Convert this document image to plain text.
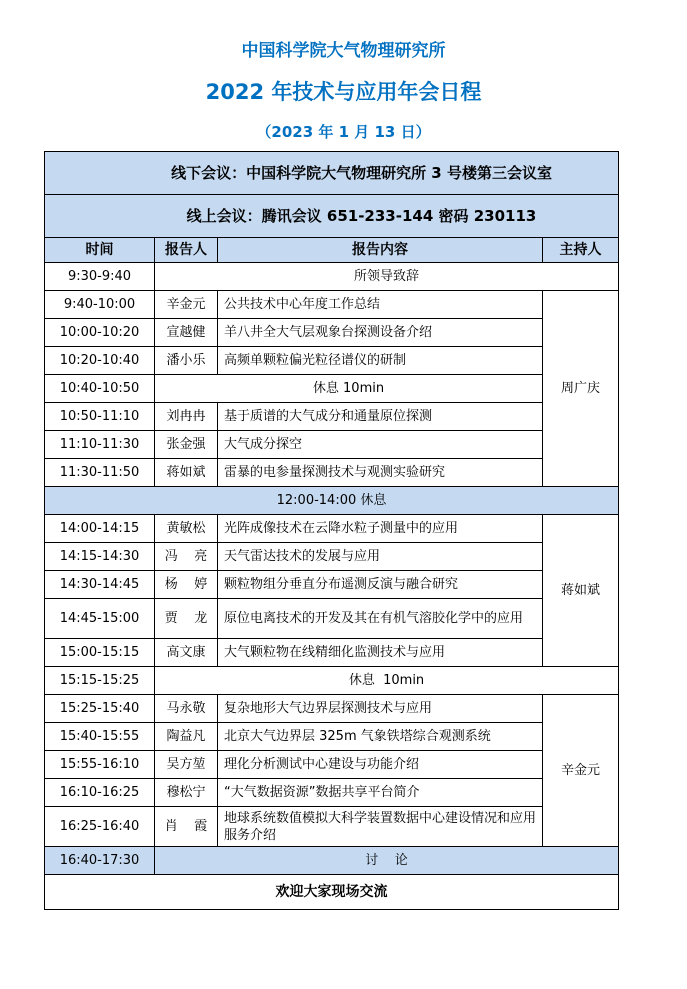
中国科学院大气物理研究所
2022 年技术与应用年会日程
（2023 年 1 月 13 日）
线下会议：中国科学院大气物理研究所 3 号楼第三会议室			
线上会议：腾讯会议 651-233-144 密码 230113			
时间	报告人	报告内容	主持人
9:30-9:40	所领导致辞		
9:40-10:00	辛金元	公共技术中心年度工作总结	周广庆
10:00-10:20	宣越健	羊八井全大气层观象台探测设备介绍	
10:20-10:40	潘小乐	高频单颗粒偏光粒径谱仪的研制	
10:40-10:50	休息 10min		
10:50-11:10	刘冉冉	基于质谱的大气成分和通量原位探测	
11:10-11:30	张金强	大气成分探空	
11:30-11:50	蒋如斌	雷暴的电参量探测技术与观测实验研究	
12:00-14:00 休息			
14:00-14:15	黄敏松	光阵成像技术在云降水粒子测量中的应用	蒋如斌
14:15-14:30	冯    亮	天气雷达技术的发展与应用	
14:30-14:45	杨    婷	颗粒物组分垂直分布遥测反演与融合研究	
14:45-15:00	贾    龙	原位电离技术的开发及其在有机气溶胶化学中的应用	
15:00-15:15	高文康	大气颗粒物在线精细化监测技术与应用	
15:15-15:25	休息  10min		
15:25-15:40	马永敬	复杂地形大气边界层探测技术与应用	辛金元
15:40-15:55	陶益凡	北京大气边界层 325m 气象铁塔综合观测系统	
15:55-16:10	吴方堃	理化分析测试中心建设与功能介绍	
16:10-16:25	穆松宁	“大气数据资源”数据共享平台简介	
16:25-16:40	肖    霞	地球系统数值模拟大科学装置数据中心建设情况和应用服务介绍	
16:40-17:30	讨    论		
欢迎大家现场交流			
